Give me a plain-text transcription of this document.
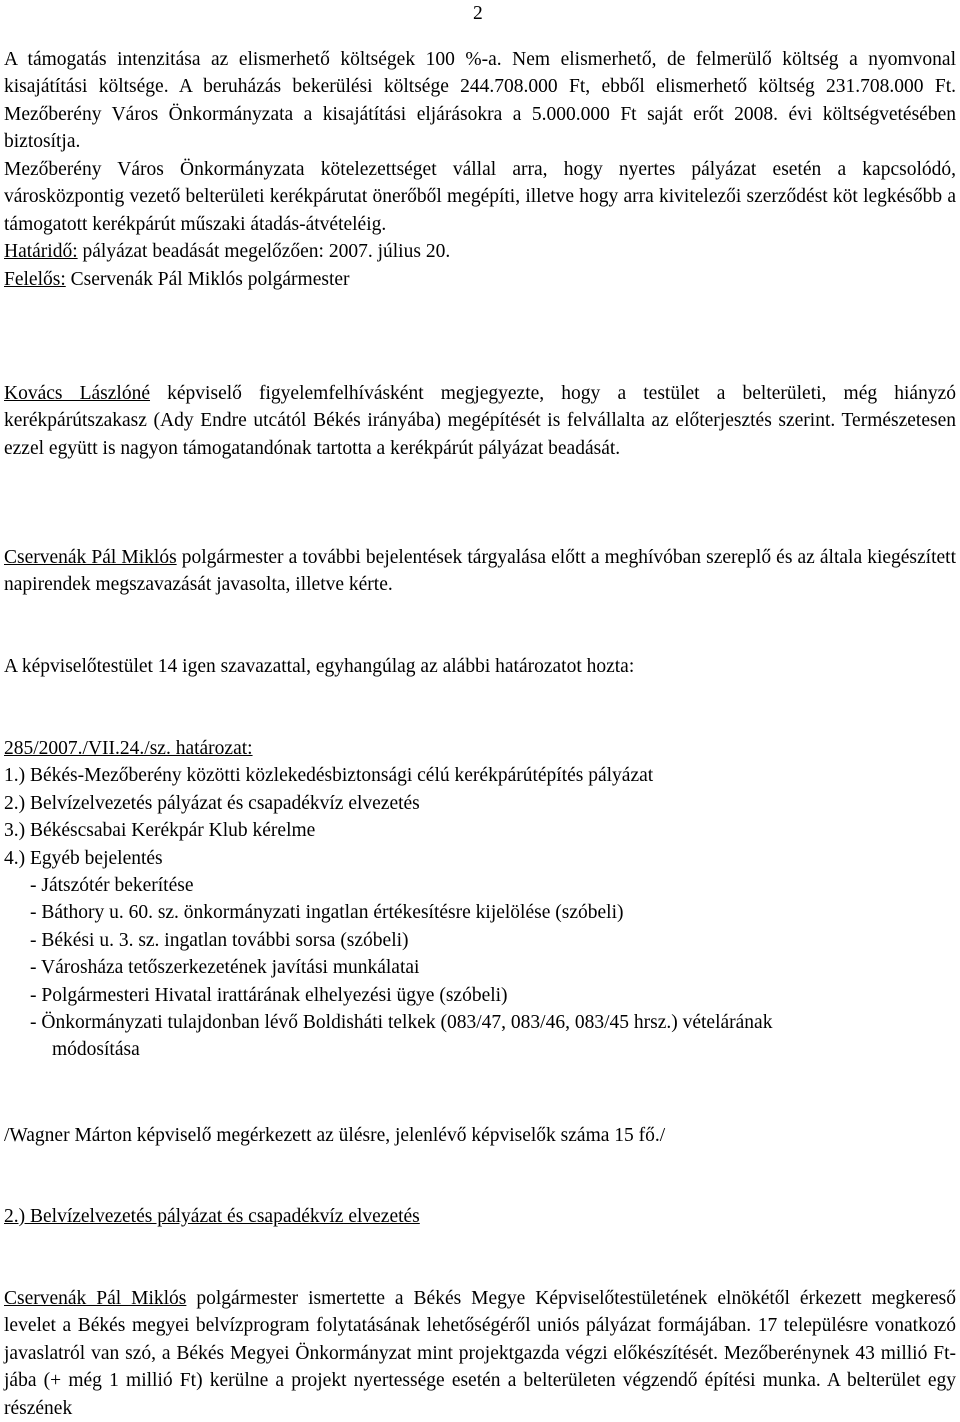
2

A támogatás intenzitása az elismerhető költségek 100 %-a. Nem elismerhető, de felmerülő költség a nyomvonal kisajátítási költsége. A beruházás bekerülési költsége 244.708.000 Ft, ebből elismerhető költség 231.708.000 Ft. Mezőberény Város Önkormányzata a kisajátítási eljárásokra a 5.000.000 Ft saját erőt 2008. évi költségvetésében biztosítja.

Mezőberény Város Önkormányzata kötelezettséget vállal arra, hogy nyertes pályázat esetén a kapcsolódó, városközpontig vezető belterületi kerékpárutat önerőből megépíti, illetve hogy arra kivitelezői szerződést köt legkésőbb a támogatott kerékpárút műszaki átadás-átvételéig.

Határidő: pályázat beadását megelőzően: 2007. július 20.

Felelős: Cservenák Pál Miklós polgármester

Kovács Lászlóné képviselő figyelemfelhívásként megjegyezte, hogy a testület a belterületi, még hiányzó kerékpárútszakasz (Ady Endre utcától Békés irányába) megépítését is felvállalta az előterjesztés szerint. Természetesen ezzel együtt is nagyon támogatandónak tartotta a kerékpárút pályázat beadását.

Cservenák Pál Miklós polgármester a további bejelentések tárgyalása előtt a meghívóban szereplő és az általa kiegészített napirendek megszavazását javasolta, illetve kérte.

A képviselőtestület 14 igen szavazattal, egyhangúlag az alábbi határozatot hozta:

285/2007./VII.24./sz. határozat:

1.) Békés-Mezőberény közötti közlekedésbiztonsági célú kerékpárútépítés pályázat

2.) Belvízelvezetés pályázat és csapadékvíz elvezetés

3.) Békéscsabai Kerékpár Klub kérelme

4.) Egyéb bejelentés

- Játszótér bekerítése

- Báthory u. 60. sz. önkormányzati ingatlan értékesítésre kijelölése (szóbeli)

- Békési u. 3. sz. ingatlan további sorsa (szóbeli)

- Városháza tetőszerkezetének javítási munkálatai

- Polgármesteri Hivatal irattárának elhelyezési ügye (szóbeli)

- Önkormányzati tulajdonban lévő Boldisháti telkek (083/47, 083/46, 083/45 hrsz.) vételárának

módosítása

/Wagner Márton képviselő megérkezett az ülésre, jelenlévő képviselők száma 15 fő./

2.) Belvízelvezetés pályázat és csapadékvíz elvezetés

Cservenák Pál Miklós polgármester ismertette a Békés Megye Képviselőtestületének elnökétől érkezett megkereső levelet a Békés megyei belvízprogram folytatásának lehetőségéről uniós pályázat formájában. 17 településre vonatkozó javaslatról van szó, a Békés Megyei Önkormányzat mint projektgazda végzi előkészítését. Mezőberénynek 43 millió Ft-jába (+ még 1 millió Ft) kerülne a projekt nyertessége esetén a belterületen végzendő építési munka. A belterület egy részének
